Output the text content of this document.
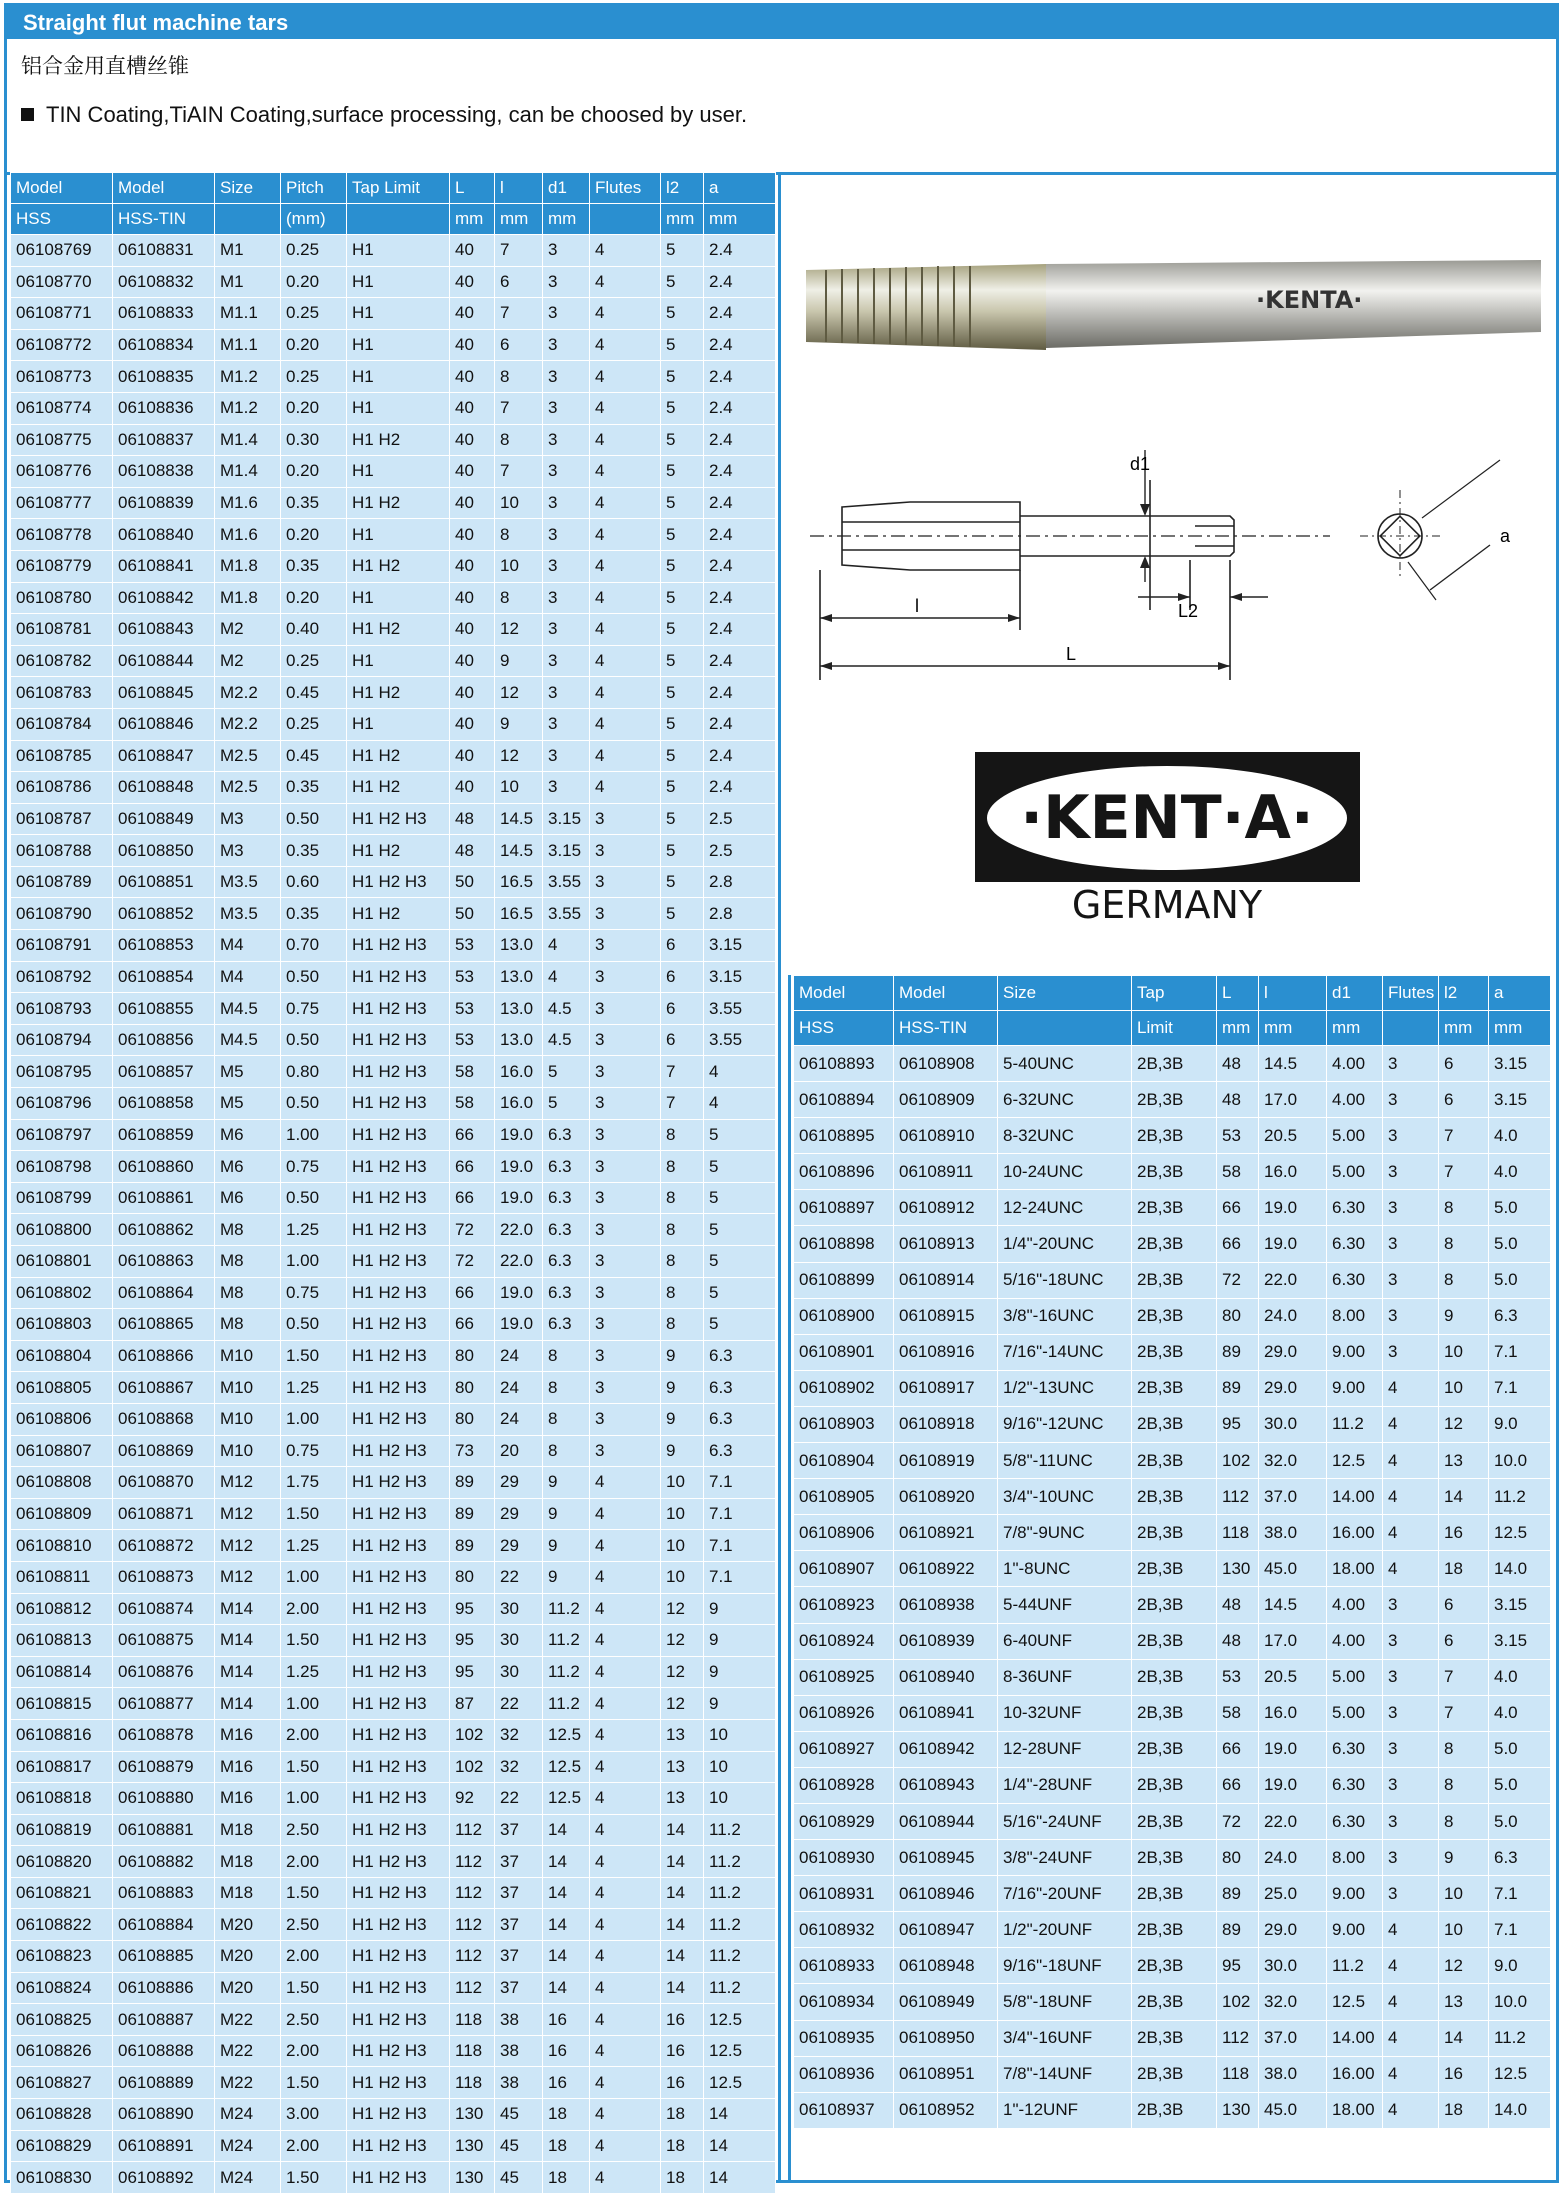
Straight flut machine tars
铝合金用直槽丝锥
TIN Coating,TiAIN Coating,surface processing, can be choosed by user.
Model	Model	Size	Pitch	Tap Limit	L	l	d1	Flutes	l2	a
HSS	HSS-TIN		(mm)		mm	mm	mm		mm	mm
06108769	06108831	M1	0.25	H1	40	7	3	4	5	2.4
06108770	06108832	M1	0.20	H1	40	6	3	4	5	2.4
06108771	06108833	M1.1	0.25	H1	40	7	3	4	5	2.4
06108772	06108834	M1.1	0.20	H1	40	6	3	4	5	2.4
06108773	06108835	M1.2	0.25	H1	40	8	3	4	5	2.4
06108774	06108836	M1.2	0.20	H1	40	7	3	4	5	2.4
06108775	06108837	M1.4	0.30	H1 H2	40	8	3	4	5	2.4
06108776	06108838	M1.4	0.20	H1	40	7	3	4	5	2.4
06108777	06108839	M1.6	0.35	H1 H2	40	10	3	4	5	2.4
06108778	06108840	M1.6	0.20	H1	40	8	3	4	5	2.4
06108779	06108841	M1.8	0.35	H1 H2	40	10	3	4	5	2.4
06108780	06108842	M1.8	0.20	H1	40	8	3	4	5	2.4
06108781	06108843	M2	0.40	H1 H2	40	12	3	4	5	2.4
06108782	06108844	M2	0.25	H1	40	9	3	4	5	2.4
06108783	06108845	M2.2	0.45	H1 H2	40	12	3	4	5	2.4
06108784	06108846	M2.2	0.25	H1	40	9	3	4	5	2.4
06108785	06108847	M2.5	0.45	H1 H2	40	12	3	4	5	2.4
06108786	06108848	M2.5	0.35	H1 H2	40	10	3	4	5	2.4
06108787	06108849	M3	0.50	H1 H2 H3	48	14.5	3.15	3	5	2.5
06108788	06108850	M3	0.35	H1 H2	48	14.5	3.15	3	5	2.5
06108789	06108851	M3.5	0.60	H1 H2 H3	50	16.5	3.55	3	5	2.8
06108790	06108852	M3.5	0.35	H1 H2	50	16.5	3.55	3	5	2.8
06108791	06108853	M4	0.70	H1 H2 H3	53	13.0	4	3	6	3.15
06108792	06108854	M4	0.50	H1 H2 H3	53	13.0	4	3	6	3.15
06108793	06108855	M4.5	0.75	H1 H2 H3	53	13.0	4.5	3	6	3.55
06108794	06108856	M4.5	0.50	H1 H2 H3	53	13.0	4.5	3	6	3.55
06108795	06108857	M5	0.80	H1 H2 H3	58	16.0	5	3	7	4
06108796	06108858	M5	0.50	H1 H2 H3	58	16.0	5	3	7	4
06108797	06108859	M6	1.00	H1 H2 H3	66	19.0	6.3	3	8	5
06108798	06108860	M6	0.75	H1 H2 H3	66	19.0	6.3	3	8	5
06108799	06108861	M6	0.50	H1 H2 H3	66	19.0	6.3	3	8	5
06108800	06108862	M8	1.25	H1 H2 H3	72	22.0	6.3	3	8	5
06108801	06108863	M8	1.00	H1 H2 H3	72	22.0	6.3	3	8	5
06108802	06108864	M8	0.75	H1 H2 H3	66	19.0	6.3	3	8	5
06108803	06108865	M8	0.50	H1 H2 H3	66	19.0	6.3	3	8	5
06108804	06108866	M10	1.50	H1 H2 H3	80	24	8	3	9	6.3
06108805	06108867	M10	1.25	H1 H2 H3	80	24	8	3	9	6.3
06108806	06108868	M10	1.00	H1 H2 H3	80	24	8	3	9	6.3
06108807	06108869	M10	0.75	H1 H2 H3	73	20	8	3	9	6.3
06108808	06108870	M12	1.75	H1 H2 H3	89	29	9	4	10	7.1
06108809	06108871	M12	1.50	H1 H2 H3	89	29	9	4	10	7.1
06108810	06108872	M12	1.25	H1 H2 H3	89	29	9	4	10	7.1
06108811	06108873	M12	1.00	H1 H2 H3	80	22	9	4	10	7.1
06108812	06108874	M14	2.00	H1 H2 H3	95	30	11.2	4	12	9
06108813	06108875	M14	1.50	H1 H2 H3	95	30	11.2	4	12	9
06108814	06108876	M14	1.25	H1 H2 H3	95	30	11.2	4	12	9
06108815	06108877	M14	1.00	H1 H2 H3	87	22	11.2	4	12	9
06108816	06108878	M16	2.00	H1 H2 H3	102	32	12.5	4	13	10
06108817	06108879	M16	1.50	H1 H2 H3	102	32	12.5	4	13	10
06108818	06108880	M16	1.00	H1 H2 H3	92	22	12.5	4	13	10
06108819	06108881	M18	2.50	H1 H2 H3	112	37	14	4	14	11.2
06108820	06108882	M18	2.00	H1 H2 H3	112	37	14	4	14	11.2
06108821	06108883	M18	1.50	H1 H2 H3	112	37	14	4	14	11.2
06108822	06108884	M20	2.50	H1 H2 H3	112	37	14	4	14	11.2
06108823	06108885	M20	2.00	H1 H2 H3	112	37	14	4	14	11.2
06108824	06108886	M20	1.50	H1 H2 H3	112	37	14	4	14	11.2
06108825	06108887	M22	2.50	H1 H2 H3	118	38	16	4	16	12.5
06108826	06108888	M22	2.00	H1 H2 H3	118	38	16	4	16	12.5
06108827	06108889	M22	1.50	H1 H2 H3	118	38	16	4	16	12.5
06108828	06108890	M24	3.00	H1 H2 H3	130	45	18	4	18	14
06108829	06108891	M24	2.00	H1 H2 H3	130	45	18	4	18	14
06108830	06108892	M24	1.50	H1 H2 H3	130	45	18	4	18	14
·KENTA·
d1
l	L2
L
a
·KENT·A·
GERMANY
Model	Model	Size	Tap	L	l	d1	Flutes	l2	a
HSS	HSS-TIN		Limit	mm	mm	mm		mm	mm
06108893	06108908	5-40UNC	2B,3B	48	14.5	4.00	3	6	3.15
06108894	06108909	6-32UNC	2B,3B	48	17.0	4.00	3	6	3.15
06108895	06108910	8-32UNC	2B,3B	53	20.5	5.00	3	7	4.0
06108896	06108911	10-24UNC	2B,3B	58	16.0	5.00	3	7	4.0
06108897	06108912	12-24UNC	2B,3B	66	19.0	6.30	3	8	5.0
06108898	06108913	1/4"-20UNC	2B,3B	66	19.0	6.30	3	8	5.0
06108899	06108914	5/16"-18UNC	2B,3B	72	22.0	6.30	3	8	5.0
06108900	06108915	3/8"-16UNC	2B,3B	80	24.0	8.00	3	9	6.3
06108901	06108916	7/16"-14UNC	2B,3B	89	29.0	9.00	3	10	7.1
06108902	06108917	1/2"-13UNC	2B,3B	89	29.0	9.00	4	10	7.1
06108903	06108918	9/16"-12UNC	2B,3B	95	30.0	11.2	4	12	9.0
06108904	06108919	5/8"-11UNC	2B,3B	102	32.0	12.5	4	13	10.0
06108905	06108920	3/4"-10UNC	2B,3B	112	37.0	14.00	4	14	11.2
06108906	06108921	7/8"-9UNC	2B,3B	118	38.0	16.00	4	16	12.5
06108907	06108922	1"-8UNC	2B,3B	130	45.0	18.00	4	18	14.0
06108923	06108938	5-44UNF	2B,3B	48	14.5	4.00	3	6	3.15
06108924	06108939	6-40UNF	2B,3B	48	17.0	4.00	3	6	3.15
06108925	06108940	8-36UNF	2B,3B	53	20.5	5.00	3	7	4.0
06108926	06108941	10-32UNF	2B,3B	58	16.0	5.00	3	7	4.0
06108927	06108942	12-28UNF	2B,3B	66	19.0	6.30	3	8	5.0
06108928	06108943	1/4"-28UNF	2B,3B	66	19.0	6.30	3	8	5.0
06108929	06108944	5/16"-24UNF	2B,3B	72	22.0	6.30	3	8	5.0
06108930	06108945	3/8"-24UNF	2B,3B	80	24.0	8.00	3	9	6.3
06108931	06108946	7/16"-20UNF	2B,3B	89	25.0	9.00	3	10	7.1
06108932	06108947	1/2"-20UNF	2B,3B	89	29.0	9.00	4	10	7.1
06108933	06108948	9/16"-18UNF	2B,3B	95	30.0	11.2	4	12	9.0
06108934	06108949	5/8"-18UNF	2B,3B	102	32.0	12.5	4	13	10.0
06108935	06108950	3/4"-16UNF	2B,3B	112	37.0	14.00	4	14	11.2
06108936	06108951	7/8"-14UNF	2B,3B	118	38.0	16.00	4	16	12.5
06108937	06108952	1"-12UNF	2B,3B	130	45.0	18.00	4	18	14.0
